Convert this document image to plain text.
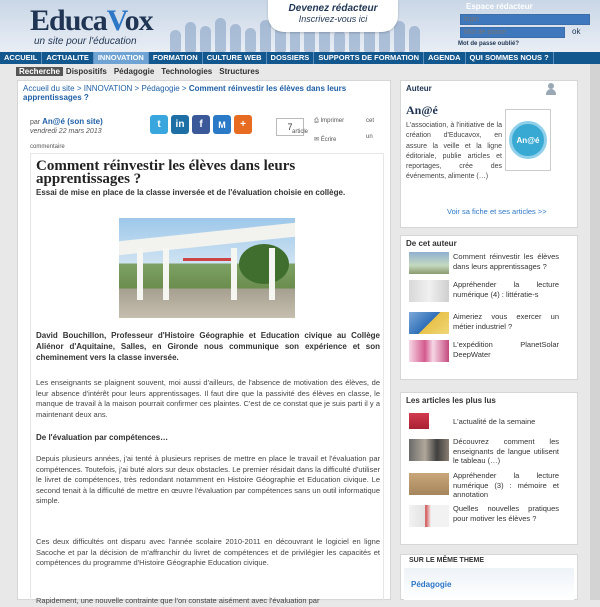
EducaVox
un site pour l'éducation
Devenez rédacteur
Inscrivez-vous ici
Espace rédacteur
login
ok
Mot de passe oublié?
ACCUEIL	ACTUALITE	INNOVATION	FORMATION	CULTURE WEB	DOSSIERS	SUPPORTS DE FORMATION	AGENDA	QUI SOMMES NOUS ?
Recherche Dispositifs Pédagogie Technologies Structures
Accueil du site > INNOVATION > Pédagogie > Comment réinvestir les élèves dans leurs apprentissages ?
par An@é (son site)
vendredi 22 mars 2013
t	in	f	M	+	7
⎙ Imprimer
article
✉ Écrire
cet
un
commentaire
Comment réinvestir les élèves dans leurs apprentissages ?
Essai de mise en place de la classe inversée et de l'évaluation choisie en collège.

David Bouchillon, Professeur d'Histoire Géographie et Education civique au Collège Aliénor d'Aquitaine, Salles, en Gironde nous communique son expérience et son cheminement vers la classe inversée.

Les enseignants se plaignent souvent, moi aussi d'ailleurs, de l'absence de motivation des élèves, de leur absence d'intérêt pour leurs apprentissages. Il faut dire que la passivité des élèves en classe, le manque de travail à la maison pourrait confirmer ces plaintes. C'est de ce constat que je suis parti il y a maintenant deux ans.

De l'évaluation par compétences…

Depuis plusieurs années, j'ai tenté à plusieurs reprises de mettre en place le travail et l'évaluation par compétences. Toutefois, j'ai buté alors sur deux obstacles. Le premier résidait dans la difficulté d'utiliser le livret de compétences, très redondant notamment en Histoire Géographie et Education civique. Le second tenait à la difficulté de mettre en œuvre l'évaluation par compétences sans un outil informatique simple.

Ces deux difficultés ont disparu avec l'année scolaire 2010-2011 en découvrant le logiciel en ligne Sacoche et par la décision de m'affranchir du livret de compétences et de privilégier les capacités et compétences du programme d'Histoire Géographie Education civique.

Rapidement, une nouvelle contrainte que l'on constate aisément avec l'évaluation par

Auteur
An@é
L'association, à l'initiative de la création d'Educavox, en assure la veille et la ligne éditoriale, publie articles et reportages, crée des événements, alimente (…)
An@é
Voir sa fiche et ses articles >>
De cet auteur
Comment réinvestir les élèves dans leurs apprentissages ?
Appréhender la lecture numérique (4) : littératie-s
Aimeriez vous exercer un métier industriel ?
L'expédition PlanetSolar DeepWater
Les articles les plus lus
L'actualité de la semaine
Découvrez comment les enseignants de langue utilisent le tableau (…)
Appréhender la lecture numérique (3) : mémoire et annotation
Quelles nouvelles pratiques pour motiver les élèves ?
SUR LE MÊME THEME
Pédagogie
